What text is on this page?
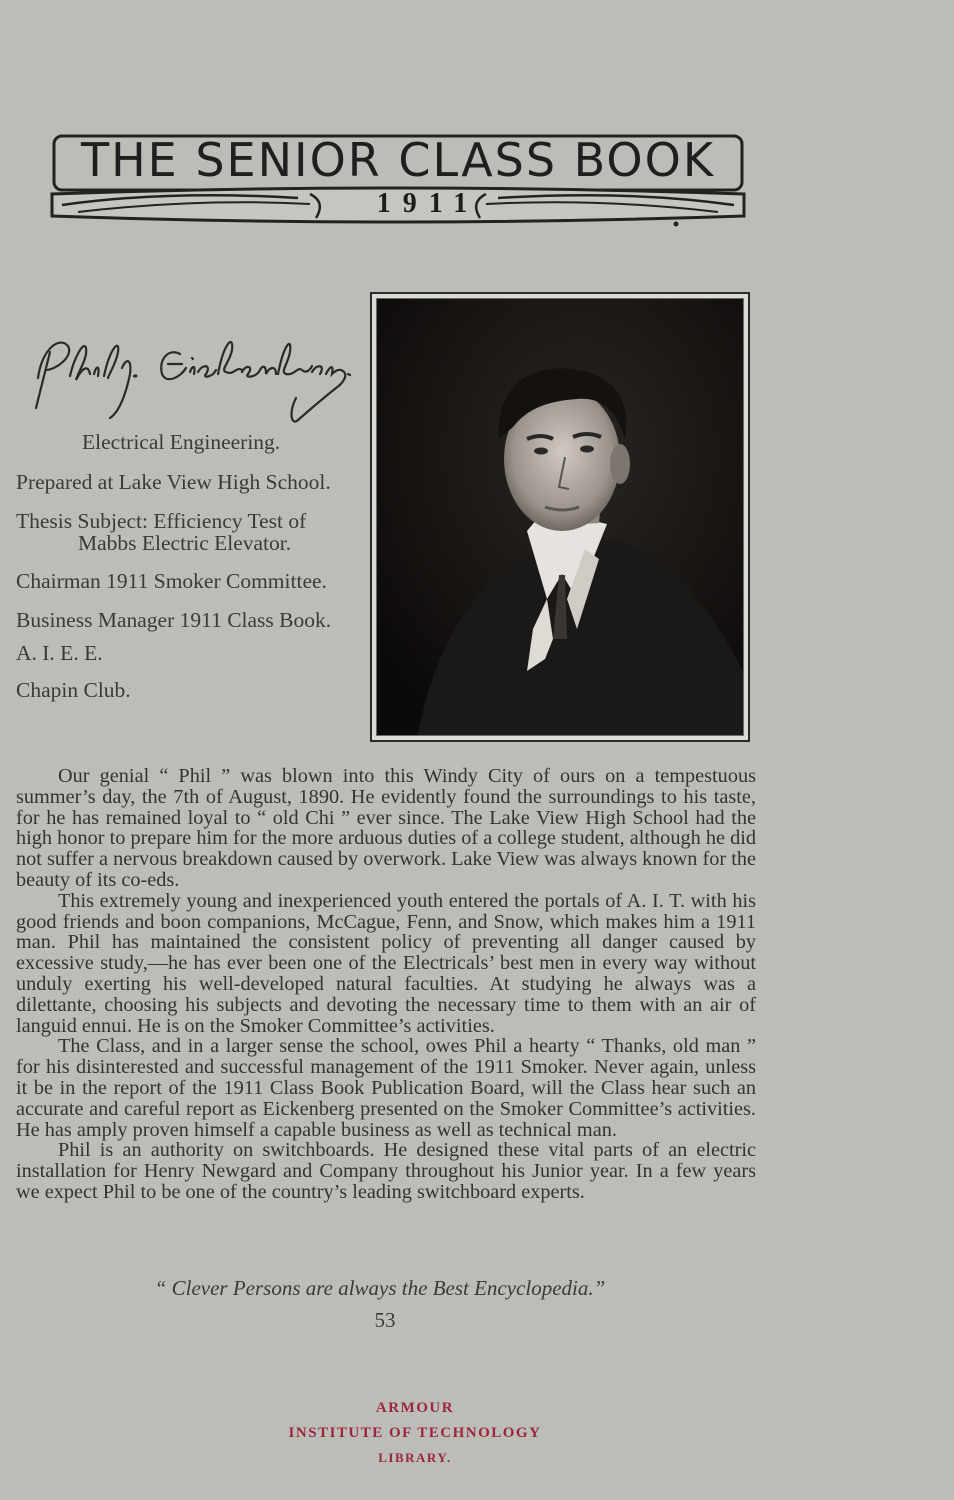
THE SENIOR CLASS BOOK
1911
Electrical Engineering.
Prepared at Lake View High School.
Thesis Subject: Efficiency Test of
Mabbs Electric Elevator.
Chairman 1911 Smoker Committee.
Business Manager 1911 Class Book.
A. I. E. E.
Chapin Club.

Our genial “ Phil ” was blown into this Windy City of ours on a tempestuous summer’s day, the 7th of August, 1890. He evidently found the surroundings to his taste, for he has remained loyal to “ old Chi ” ever since. The Lake View High School had the high honor to prepare him for the more arduous duties of a college student, although he did not suffer a nervous breakdown caused by overwork. Lake View was always known for the beauty of its co-eds.

This extremely young and inexperienced youth entered the portals of A. I. T. with his good friends and boon companions, McCague, Fenn, and Snow, which makes him a 1911 man. Phil has maintained the consistent policy of preventing all danger caused by excessive study,—he has ever been one of the Electricals’ best men in every way without unduly exerting his well-developed natural faculties. At studying he always was a dilettante, choosing his subjects and devoting the necessary time to them with an air of languid ennui. He is on the Smoker Committee’s activities.

The Class, and in a larger sense the school, owes Phil a hearty “ Thanks, old man ” for his disinterested and successful management of the 1911 Smoker. Never again, unless it be in the report of the 1911 Class Book Publication Board, will the Class hear such an accurate and careful report as Eickenberg presented on the Smoker Committee’s activities. He has amply proven himself a capable business as well as technical man.

Phil is an authority on switchboards. He designed these vital parts of an electric installation for Henry Newgard and Company throughout his Junior year. In a few years we expect Phil to be one of the country’s leading switchboard experts.

“ Clever Persons are always the Best Encyclopedia.”
53
ARMOUR
INSTITUTE OF TECHNOLOGY
LIBRARY.
